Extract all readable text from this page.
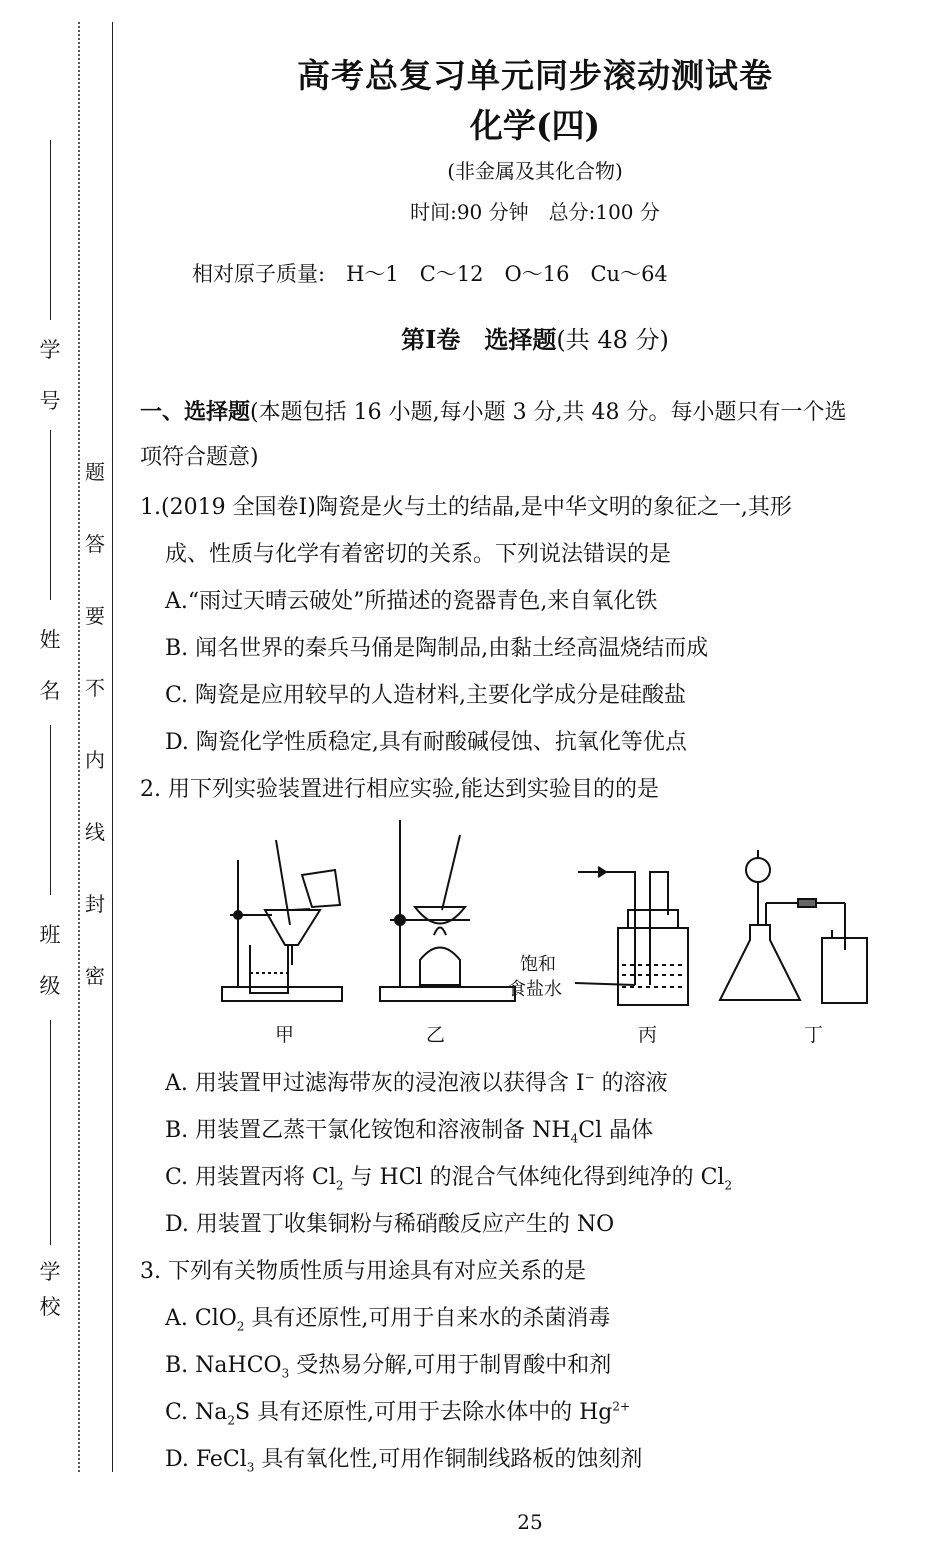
学
号
姓
名
班
级
学
校
密
封
线
内
不
要
答
题
高考总复习单元同步滚动测试卷
化学(四)
(非金属及其化合物)
时间:90 分钟　总分:100 分
相对原子质量:　H～1　C～12　O～16　Cu～64
第Ⅰ卷　 选择题(共 48 分)
一、选择题(本题包括 16 小题,每小题 3 分,共 48 分。每小题只有一个选
项符合题意)
1.(2019 全国卷Ⅰ)陶瓷是火与土的结晶,是中华文明的象征之一,其形
成、性质与化学有着密切的关系。下列说法错误的是
A.“雨过天晴云破处”所描述的瓷器青色,来自氧化铁
B. 闻名世界的秦兵马俑是陶制品,由黏土经高温烧结而成
C. 陶瓷是应用较早的人造材料,主要化学成分是硅酸盐
D. 陶瓷化学性质稳定,具有耐酸碱侵蚀、抗氧化等优点
2. 用下列实验装置进行相应实验,能达到实验目的的是
甲	乙	丙	丁
饱和
食盐水
A. 用装置甲过滤海带灰的浸泡液以获得含 I− 的溶液
B. 用装置乙蒸干氯化铵饱和溶液制备 $NH_4Cl$ 晶体
C. 用装置丙将 $Cl_2$ 与 HCl 的混合气体纯化得到纯净的 $Cl_2$
D. 用装置丁收集铜粉与稀硝酸反应产生的 NO
3. 下列有关物质性质与用途具有对应关系的是
A. ClO$_2$ 具有还原性,可用于自来水的杀菌消毒
B. NaHCO$_3$ 受热易分解,可用于制胃酸中和剂
C. $Na_2S$ 具有还原性,可用于去除水体中的 $Hg^{2+}$
D. FeCl$_3$ 具有氧化性,可用作铜制线路板的蚀刻剂
25
